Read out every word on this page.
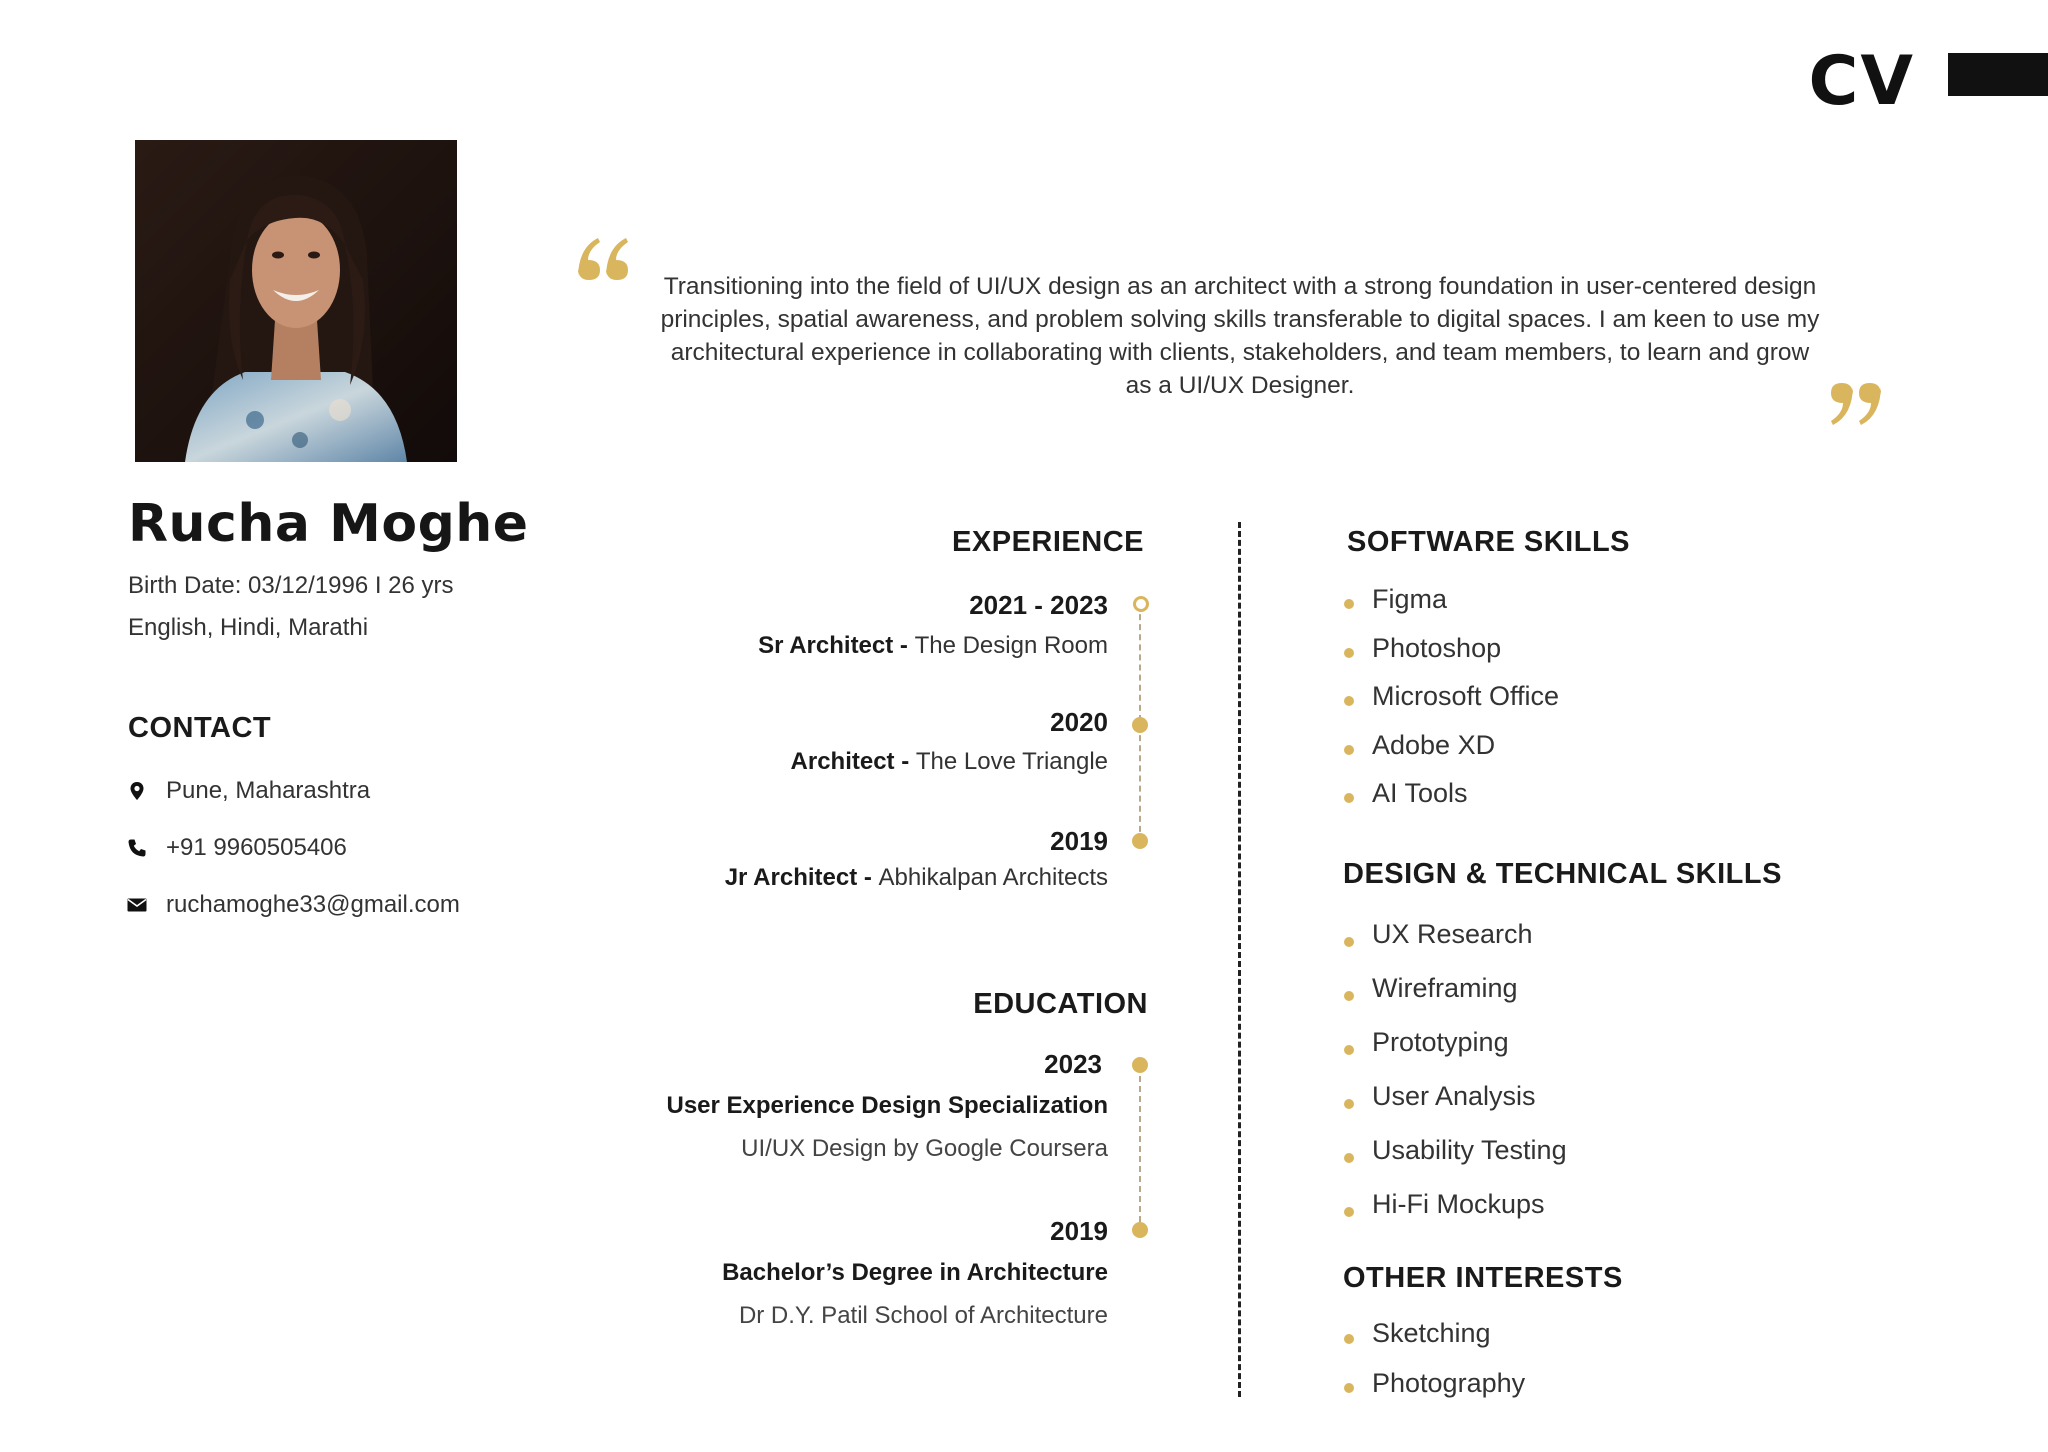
CV
Rucha Moghe
Birth Date: 03/12/1996 I 26 yrs
English, Hindi, Marathi
CONTACT
Pune, Maharashtra
+91 9960505406
ruchamoghe33@gmail.com
Transitioning into the field of UI/UX design as an architect with a strong foundation in user-centered design principles, spatial awareness, and problem solving skills transferable to digital spaces. I am keen to use my architectural experience in collaborating with clients, stakeholders, and team members, to learn and grow as a UI/UX Designer.
EXPERIENCE
2021 - 2023
Sr Architect - The Design Room
2020
Architect - The Love Triangle
2019
Jr Architect - Abhikalpan Architects
EDUCATION
2023
User Experience Design Specialization
UI/UX Design by Google Coursera
2019
Bachelor’s Degree in Architecture
Dr D.Y. Patil School of Architecture
SOFTWARE SKILLS
Figma
Photoshop
Microsoft Office
Adobe XD
AI Tools
DESIGN & TECHNICAL SKILLS
UX Research
Wireframing
Prototyping
User Analysis
Usability Testing
Hi-Fi Mockups
OTHER INTERESTS
Sketching
Photography
